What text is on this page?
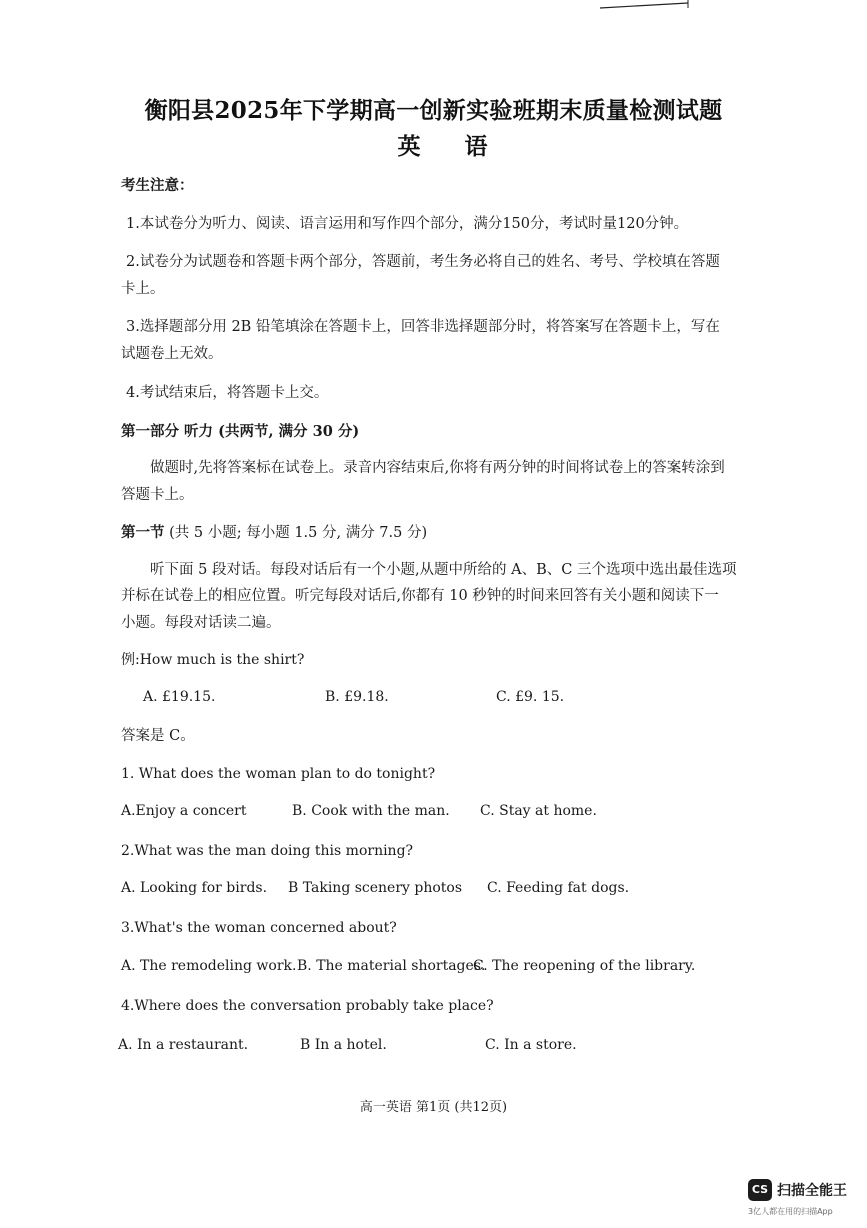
衡阳县2025年下学期高一创新实验班期末质量检测试题
英 语
考生注意：
1.本试卷分为听力、阅读、语言运用和写作四个部分，满分150分，考试时量120分钟。
2.试卷分为试题卷和答题卡两个部分，答题前，考生务必将自己的姓名、考号、学校填在答题
卡上。
3.选择题部分用 2B 铅笔填涂在答题卡上，回答非选择题部分时，将答案写在答题卡上，写在
试题卷上无效。
4.考试结束后，将答题卡上交。
第一部分 听力 (共两节, 满分 30 分)
做题时,先将答案标在试卷上。录音内容结束后,你将有两分钟的时间将试卷上的答案转涂到
答题卡上。
第一节 (共 5 小题; 每小题 1.5 分, 满分 7.5 分)
听下面 5 段对话。每段对话后有一个小题,从题中所给的 A、B、C 三个选项中选出最佳选项
并标在试卷上的相应位置。听完每段对话后,你都有 10 秒钟的时间来回答有关小题和阅读下一
小题。每段对话读二遍。
例:How much is the shirt?
A. £19.15.	B. £9.18.	C. £9. 15.
答案是 C。
1. What does the woman plan to do tonight?
A.Enjoy a concert	B. Cook with the man. C. Stay at home.
2.What was the man doing this morning?
A. Looking for birds. B Taking scenery photos C. Feeding fat dogs.
3.What's the woman concerned about?
A. The remodeling work. B. The material shortages.
C. The reopening of the library.
4.Where does the conversation probably take place?
A. In a restaurant.	B In a hotel.	C. In a store.
高一英语 第1页 (共12页)
CS 扫描全能王
3亿人都在用的扫描App
